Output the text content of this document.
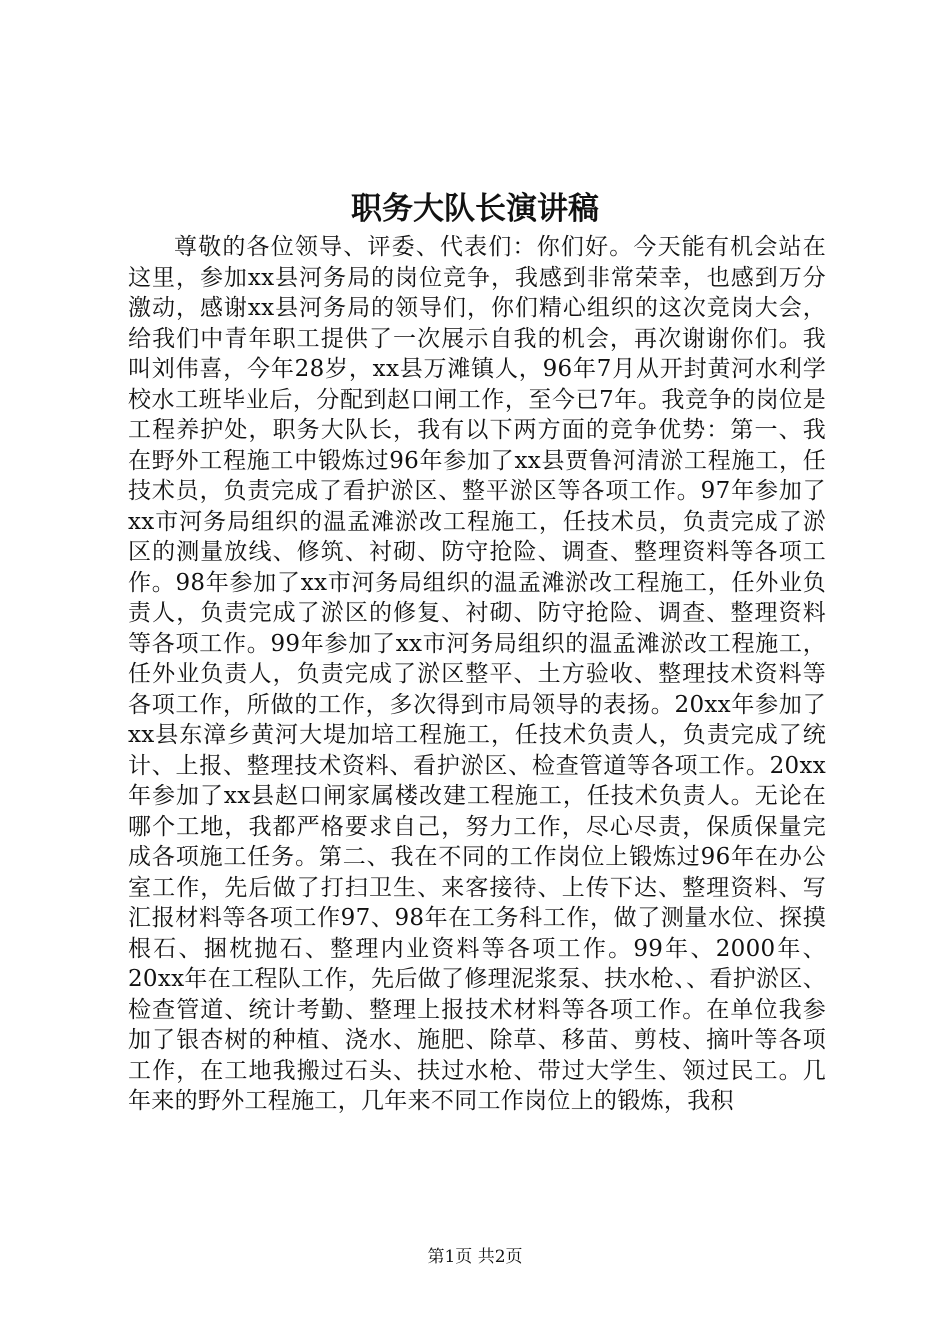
职务大队长演讲稿

尊敬的各位领导、评委、代表们：你们好。今天能有机会站在这里，参加xx县河务局的岗位竞争，我感到非常荣幸，也感到万分激动，感谢xx县河务局的领导们，你们精心组织的这次竞岗大会，给我们中青年职工提供了一次展示自我的机会，再次谢谢你们。我叫刘伟喜，今年28岁，xx县万滩镇人，96年7月从开封黄河水利学校水工班毕业后，分配到赵口闸工作，至今已7年。我竞争的岗位是工程养护处，职务大队长，我有以下两方面的竞争优势：第一、我在野外工程施工中锻炼过96年参加了xx县贾鲁河清淤工程施工，任技术员，负责完成了看护淤区、整平淤区等各项工作。97年参加了xx市河务局组织的温孟滩淤改工程施工，任技术员，负责完成了淤区的测量放线、修筑、衬砌、防守抢险、调查、整理资料等各项工作。98年参加了xx市河务局组织的温孟滩淤改工程施工，任外业负责人，负责完成了淤区的修复、衬砌、防守抢险、调查、整理资料等各项工作。99年参加了xx市河务局组织的温孟滩淤改工程施工，任外业负责人，负责完成了淤区整平、土方验收、整理技术资料等各项工作，所做的工作，多次得到市局领导的表扬。20xx年参加了xx县东漳乡黄河大堤加培工程施工，任技术负责人，负责完成了统计、上报、整理技术资料、看护淤区、检查管道等各项工作。20xx年参加了xx县赵口闸家属楼改建工程施工，任技术负责人。无论在哪个工地，我都严格要求自己，努力工作，尽心尽责，保质保量完成各项施工任务。第二、我在不同的工作岗位上锻炼过96年在办公室工作，先后做了打扫卫生、来客接待、上传下达、整理资料、写汇报材料等各项工作97、98年在工务科工作，做了测量水位、探摸根石、捆枕抛石、整理内业资料等各项工作。99年、2000年、20xx年在工程队工作，先后做了修理泥浆泵、扶水枪、、看护淤区、检查管道、统计考勤、整理上报技术材料等各项工作。在单位我参加了银杏树的种植、浇水、施肥、除草、移苗、剪枝、摘叶等各项工作，在工地我搬过石头、扶过水枪、带过大学生、领过民工。几年来的野外工程施工，几年来不同工作岗位上的锻炼，我积

第1页 共2页
